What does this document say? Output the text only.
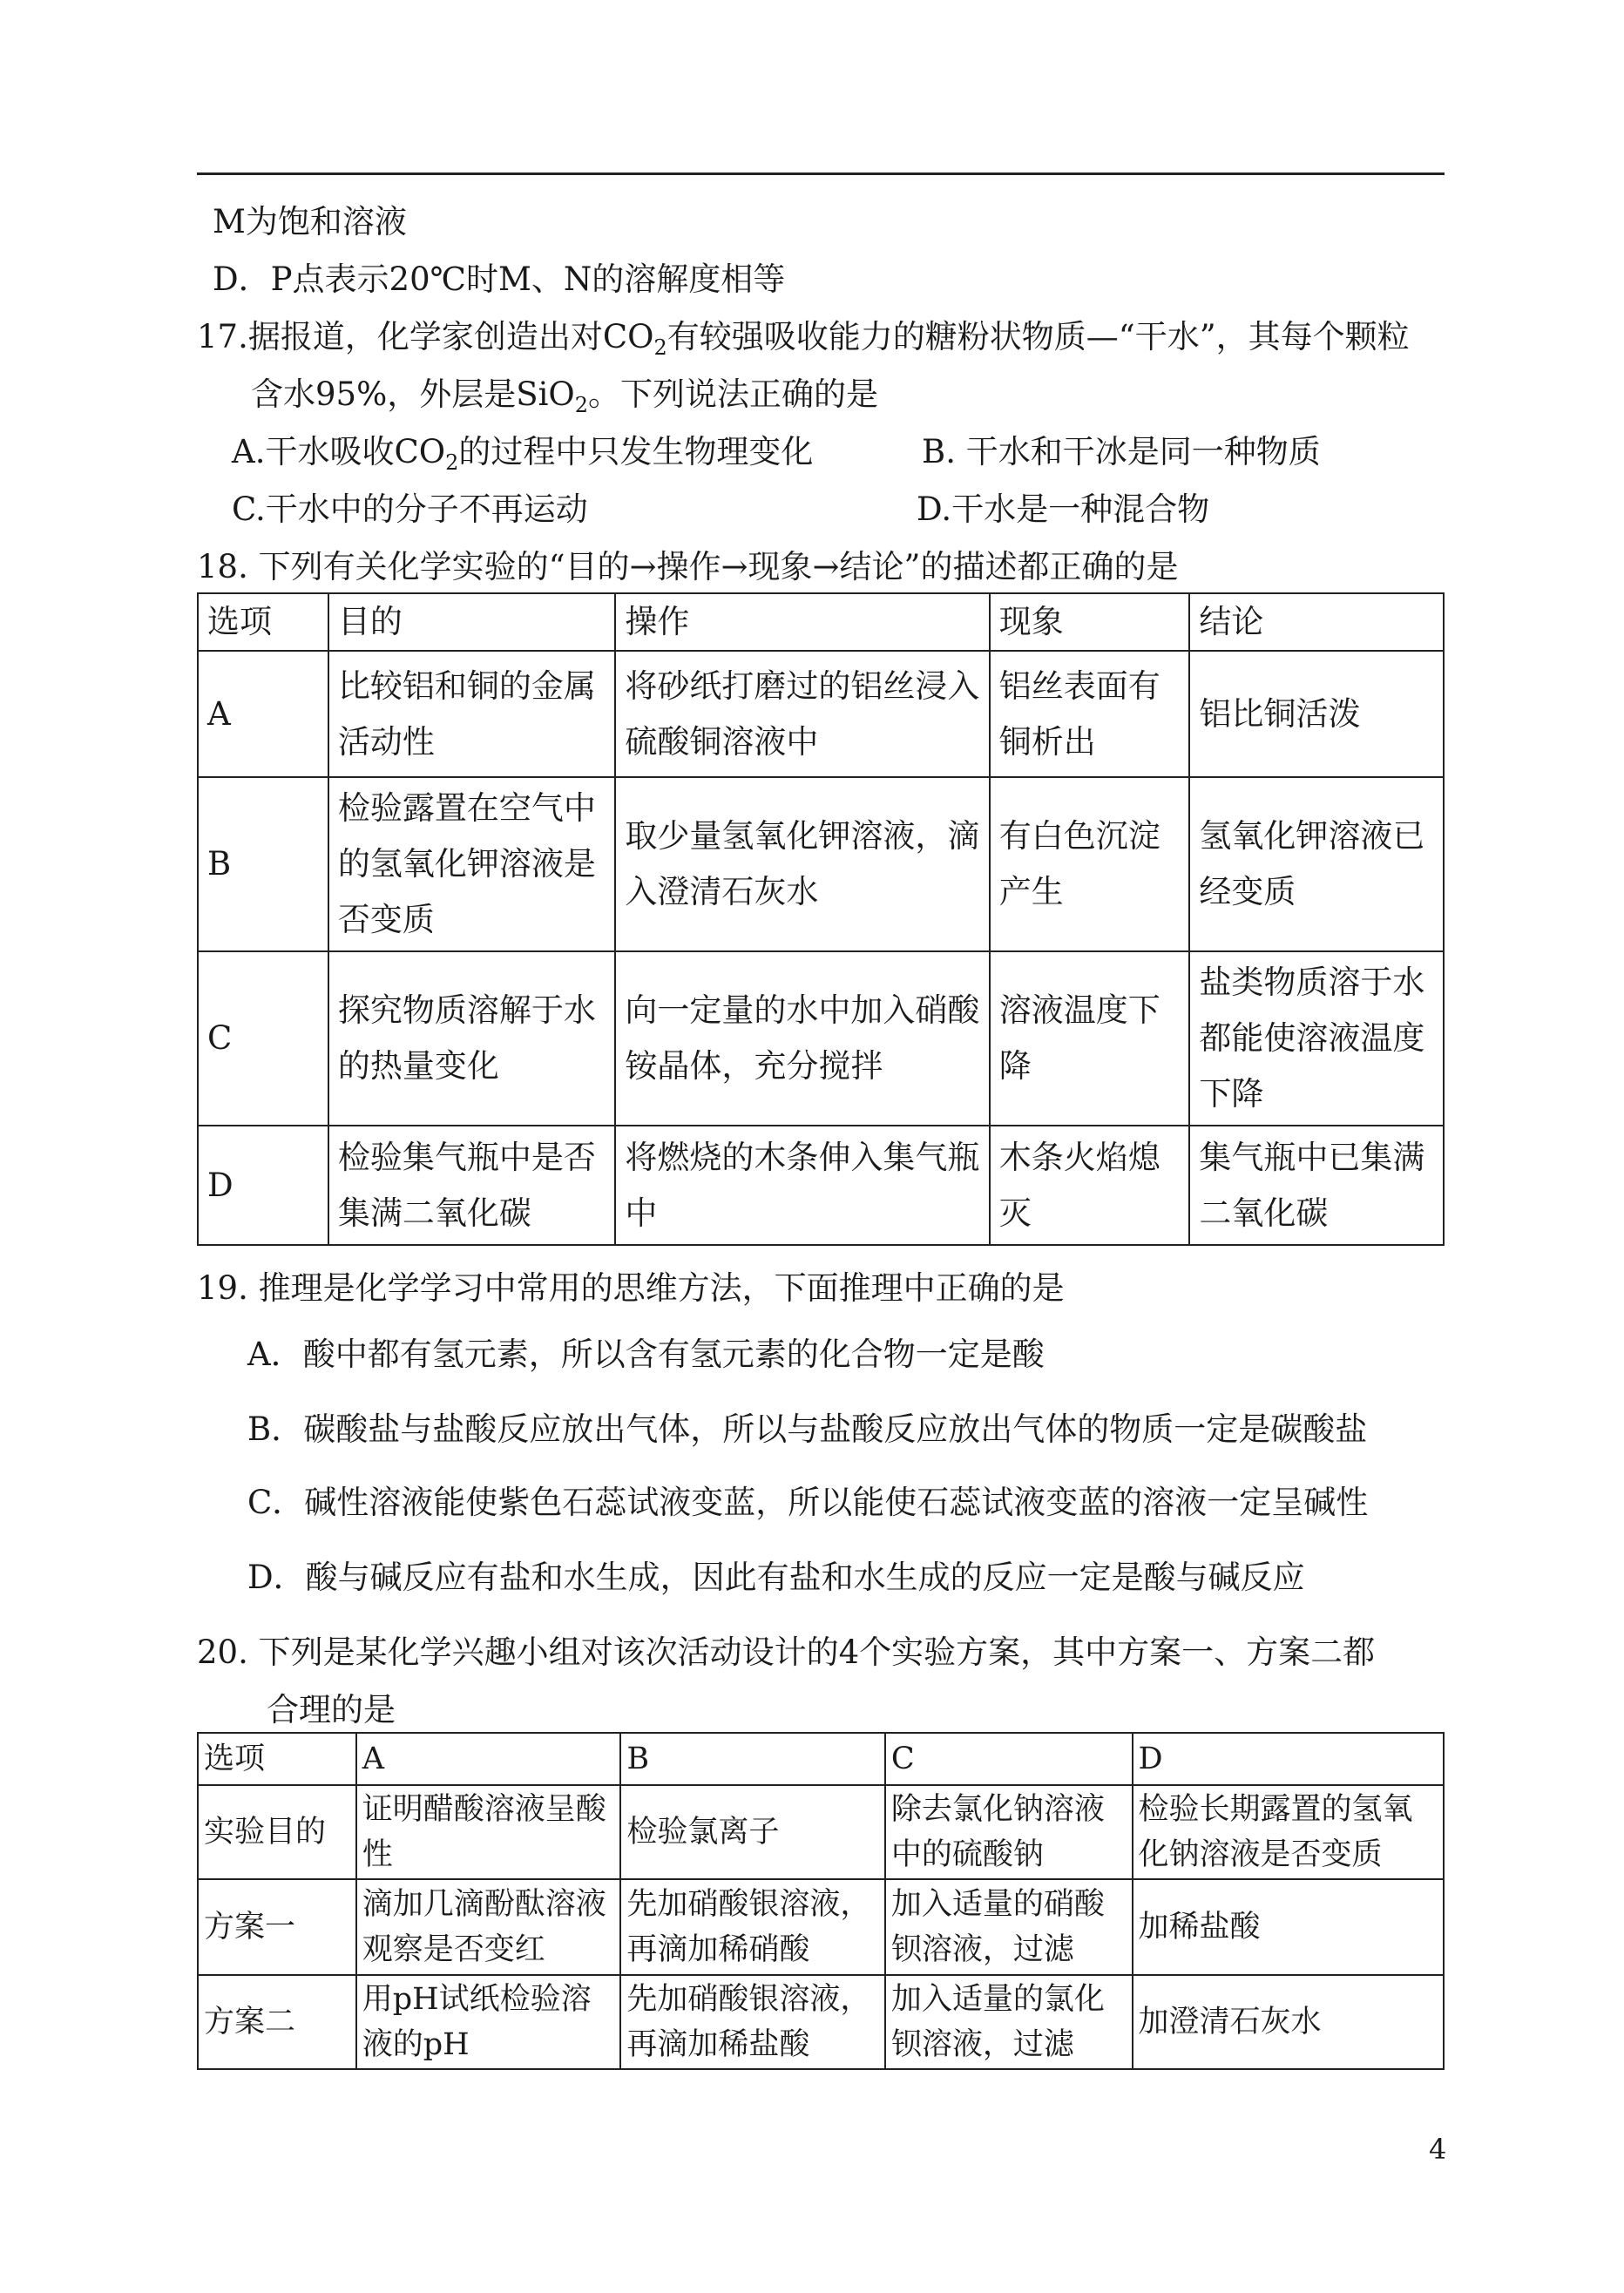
M为饱和溶液
D．P点表示20℃时M、N的溶解度相等
17.据报道，化学家创造出对$CO_2$有较强吸收能力的糖粉状物质—“干水”，其每个颗粒
含水95%，外层是SiO$_2$。下列说法正确的是
A.干水吸收$CO_2$的过程中只发生物理变化	B. 干水和干冰是同一种物质
C.干水中的分子不再运动	D.干水是一种混合物
18. 下列有关化学实验的“目的→操作→现象→结论”的描述都正确的是
选项	目的	操作	现象	结论
A	比较铝和铜的金属活动性	将砂纸打磨过的铝丝浸入硫酸铜溶液中	铝丝表面有铜析出	铝比铜活泼
B	检验露置在空气中的氢氧化钾溶液是否变质	取少量氢氧化钾溶液，滴入澄清石灰水	有白色沉淀产生	氢氧化钾溶液已经变质
C	探究物质溶解于水的热量变化	向一定量的水中加入硝酸铵晶体，充分搅拌	溶液温度下降	盐类物质溶于水都能使溶液温度下降
D	检验集气瓶中是否集满二氧化碳	将燃烧的木条伸入集气瓶中	木条火焰熄灭	集气瓶中已集满二氧化碳
19. 推理是化学学习中常用的思维方法，下面推理中正确的是
A．酸中都有氢元素，所以含有氢元素的化合物一定是酸
B．碳酸盐与盐酸反应放出气体，所以与盐酸反应放出气体的物质一定是碳酸盐
C．碱性溶液能使紫色石蕊试液变蓝，所以能使石蕊试液变蓝的溶液一定呈碱性
D．酸与碱反应有盐和水生成，因此有盐和水生成的反应一定是酸与碱反应
20. 下列是某化学兴趣小组对该次活动设计的4个实验方案，其中方案一、方案二都
合理的是
选项	A	B	C	D
实验目的	证明醋酸溶液呈酸性	检验氯离子	除去氯化钠溶液中的硫酸钠	检验长期露置的氢氧化钠溶液是否变质
方案一	滴加几滴酚酞溶液观察是否变红	先加硝酸银溶液，再滴加稀硝酸	加入适量的硝酸钡溶液，过滤	加稀盐酸
方案二	用pH试纸检验溶液的pH	先加硝酸银溶液，再滴加稀盐酸	加入适量的氯化钡溶液，过滤	加澄清石灰水
4
